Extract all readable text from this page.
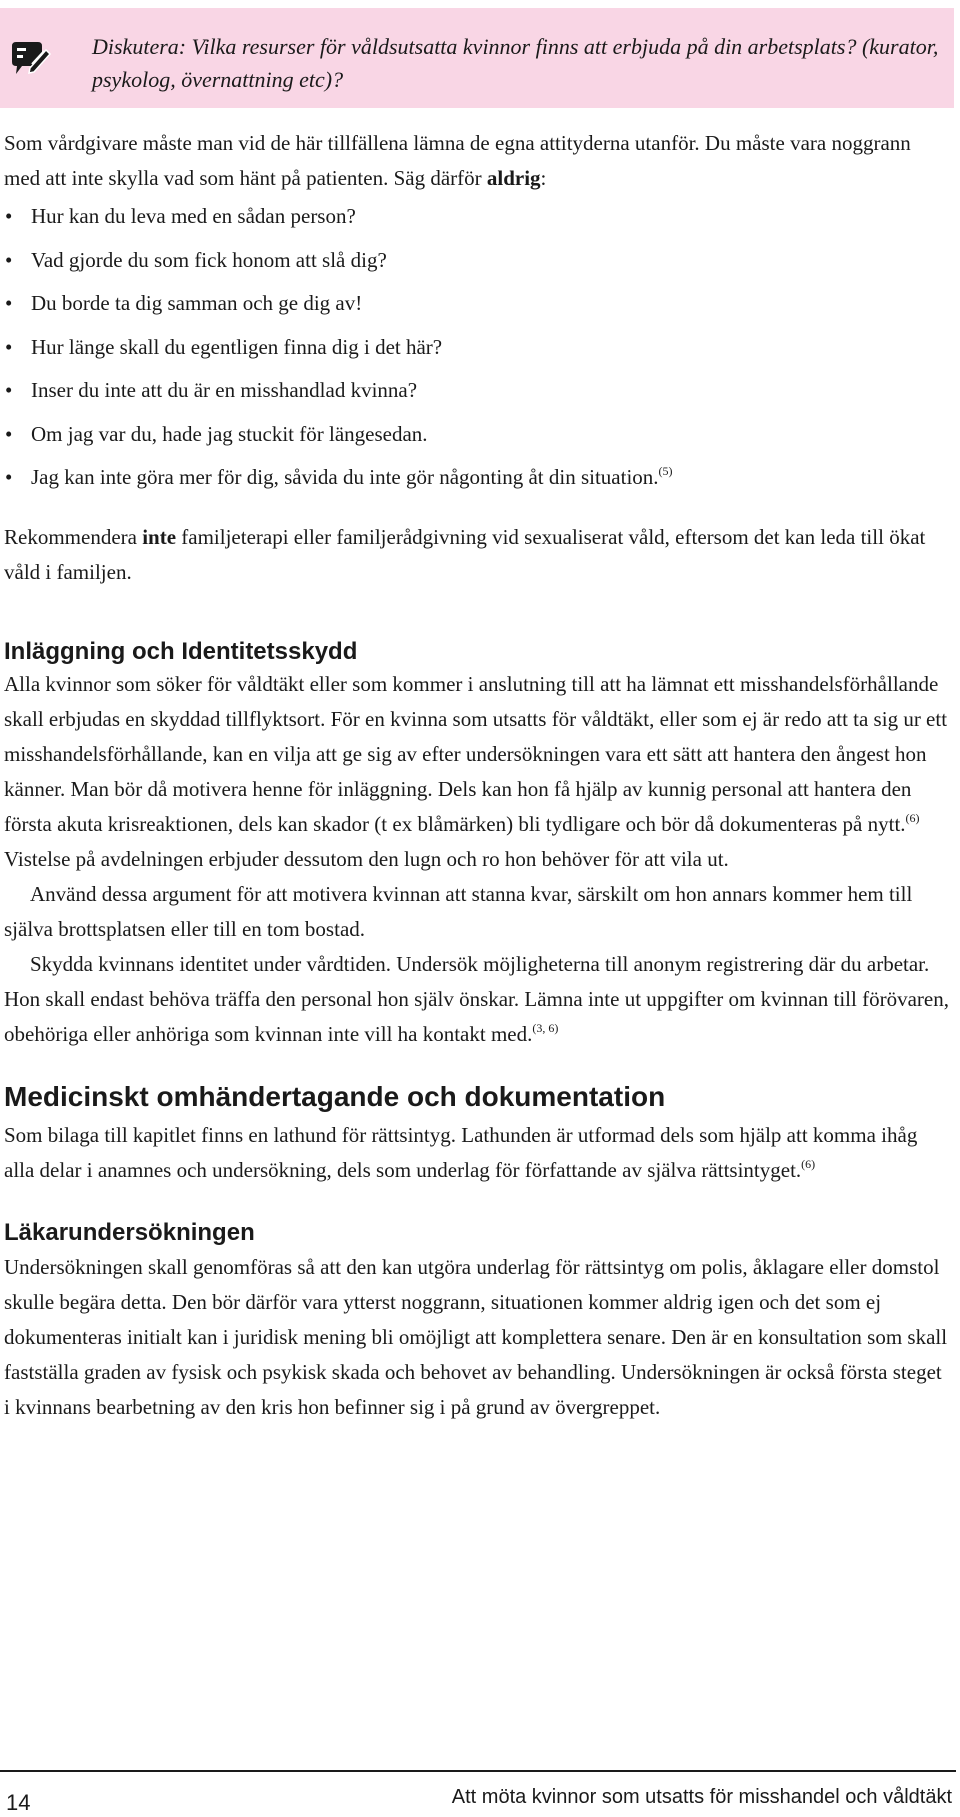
Diskutera: Vilka resurser för våldsutsatta kvinnor finns att erbjuda på din arbetsplats? (kurator, psykolog, övernattning etc)?

Som vårdgivare måste man vid de här tillfällena lämna de egna attityderna utanför. Du måste vara noggrann med att inte skylla vad som hänt på patienten. Säg därför aldrig:

• Hur kan du leva med en sådan person?
• Vad gjorde du som fick honom att slå dig?
• Du borde ta dig samman och ge dig av!
• Hur länge skall du egentligen finna dig i det här?
• Inser du inte att du är en misshandlad kvinna?
• Om jag var du, hade jag stuckit för längesedan.
• Jag kan inte göra mer för dig, såvida du inte gör någonting åt din situation.$^{(5)}$

Rekommendera inte familjeterapi eller familjerådgivning vid sexualiserat våld, eftersom det kan leda till ökat våld i familjen.

Inläggning och Identitetsskydd

Alla kvinnor som söker för våldtäkt eller som kommer i anslutning till att ha lämnat ett misshandelsförhållande skall erbjudas en skyddad tillflyktsort. För en kvinna som utsatts för våldtäkt, eller som ej är redo att ta sig ur ett misshandelsförhållande, kan en vilja att ge sig av efter undersökningen vara ett sätt att hantera den ångest hon känner. Man bör då motivera henne för inläggning. Dels kan hon få hjälp av kunnig personal att hantera den första akuta krisreaktionen, dels kan skador (t ex blåmärken) bli tydligare och bör då dokumenteras på nytt.$^{(6)}$ Vistelse på avdelningen erbjuder dessutom den lugn och ro hon behöver för att vila ut.

Använd dessa argument för att motivera kvinnan att stanna kvar, särskilt om hon annars kommer hem till själva brottsplatsen eller till en tom bostad.

Skydda kvinnans identitet under vårdtiden. Undersök möjligheterna till anonym registrering där du arbetar. Hon skall endast behöva träffa den personal hon själv önskar. Lämna inte ut uppgifter om kvinnan till förövaren, obehöriga eller anhöriga som kvinnan inte vill ha kontakt med.$^{(3, 6)}$

Medicinskt omhändertagande och dokumentation

Som bilaga till kapitlet finns en lathund för rättsintyg. Lathunden är utformad dels som hjälp att komma ihåg alla delar i anamnes och undersökning, dels som underlag för författande av själva rättsintyget.$^{(6)}$

Läkarundersökningen

Undersökningen skall genomföras så att den kan utgöra underlag för rättsintyg om polis, åklagare eller domstol skulle begära detta. Den bör därför vara ytterst noggrann, situationen kommer aldrig igen och det som ej dokumenteras initialt kan i juridisk mening bli omöjligt att komplettera senare. Den är en konsultation som skall fastställa graden av fysisk och psykisk skada och behovet av behandling. Undersökningen är också första steget i kvinnans bearbetning av den kris hon befinner sig i på grund av övergreppet.

14	Att möta kvinnor som utsatts för misshandel och våldtäkt
